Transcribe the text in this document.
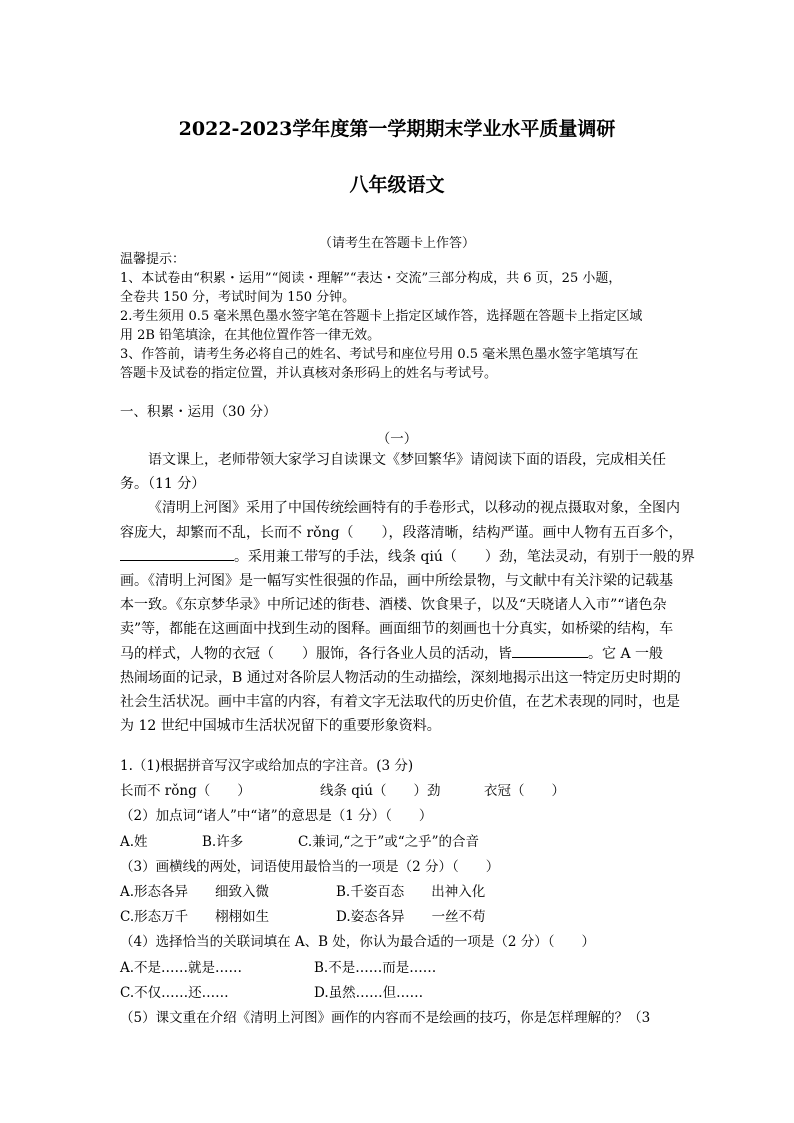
2022-2023学年度第一学期期末学业水平质量调研
八年级语文
（请考生在答题卡上作答）
温馨提示：
1、本试卷由“积累・运用”“阅读・理解”“表达・交流”三部分构成，共 6 页，25 小题，
全卷共 150 分，考试时间为 150 分钟。
2.考生须用 0.5 毫米黑色墨水签字笔在答题卡上指定区域作答，选择题在答题卡上指定区域
用 2B 铅笔填涂，在其他位置作答一律无效。
3、作答前，请考生务必将自己的姓名、考试号和座位号用 0.5 毫米黑色墨水签字笔填写在
答题卡及试卷的指定位置，并认真核对条形码上的姓名与考试号。
一、积累・运用（30 分）
（一）
语文课上，老师带领大家学习自读课文《梦回繁华》请阅读下面的语段，完成相关任
务。（11 分）
《清明上河图》采用了中国传统绘画特有的手卷形式，以移动的视点摄取对象，全图内
容庞大，却繁而不乱，长而不 rǒng（　　），段落清晰，结构严谨。画中人物有五百多个，
。采用兼工带写的手法，线条 qiú（　　）劲，笔法灵动，有别于一般的界
画。《清明上河图》是一幅写实性很强的作品，画中所绘景物，与文献中有关汴梁的记载基
本一致。《东京梦华录》中所记述的街巷、酒楼、饮食果子，以及“天晓诸人入市”“诸色杂
卖”等，都能在这画面中找到生动的图释。画面细节的刻画也十分真实，如桥梁的结构，车
马的样式，人物的衣冠（　　）服饰，各行各业人员的活动，皆	。它 A 一般
热闹场面的记录，B 通过对各阶层人物活动的生动描绘，深刻地揭示出这一特定历史时期的
社会生活状况。画中丰富的内容，有着文字无法取代的历史价值，在艺术表现的同时，也是
为 12 世纪中国城市生活状况留下的重要形象资料。
1.（1)根据拼音写汉字或给加点的字注音。(3 分)
长而不 rǒng（　　）	线条 qiú（　　）劲	衣冠（　　）
（2）加点词“诸人”中“诸”的意思是（1 分）（　　）
A.姓	B.许多	C.兼词,“之于”或“之乎”的合音
（3）画横线的两处，词语使用最恰当的一项是（2 分）（　　）
A.形态各异　　细致入微	B.千姿百态　　出神入化
C.形态万千　　栩栩如生	D.姿态各异　　一丝不苟
（4）选择恰当的关联词填在 A、B 处，你认为最合适的一项是（2 分）（　　）
A.不是……就是……	B.不是……而是……
C.不仅……还……	D.虽然……但……
（5）课文重在介绍《清明上河图》画作的内容而不是绘画的技巧，你是怎样理解的？（3
